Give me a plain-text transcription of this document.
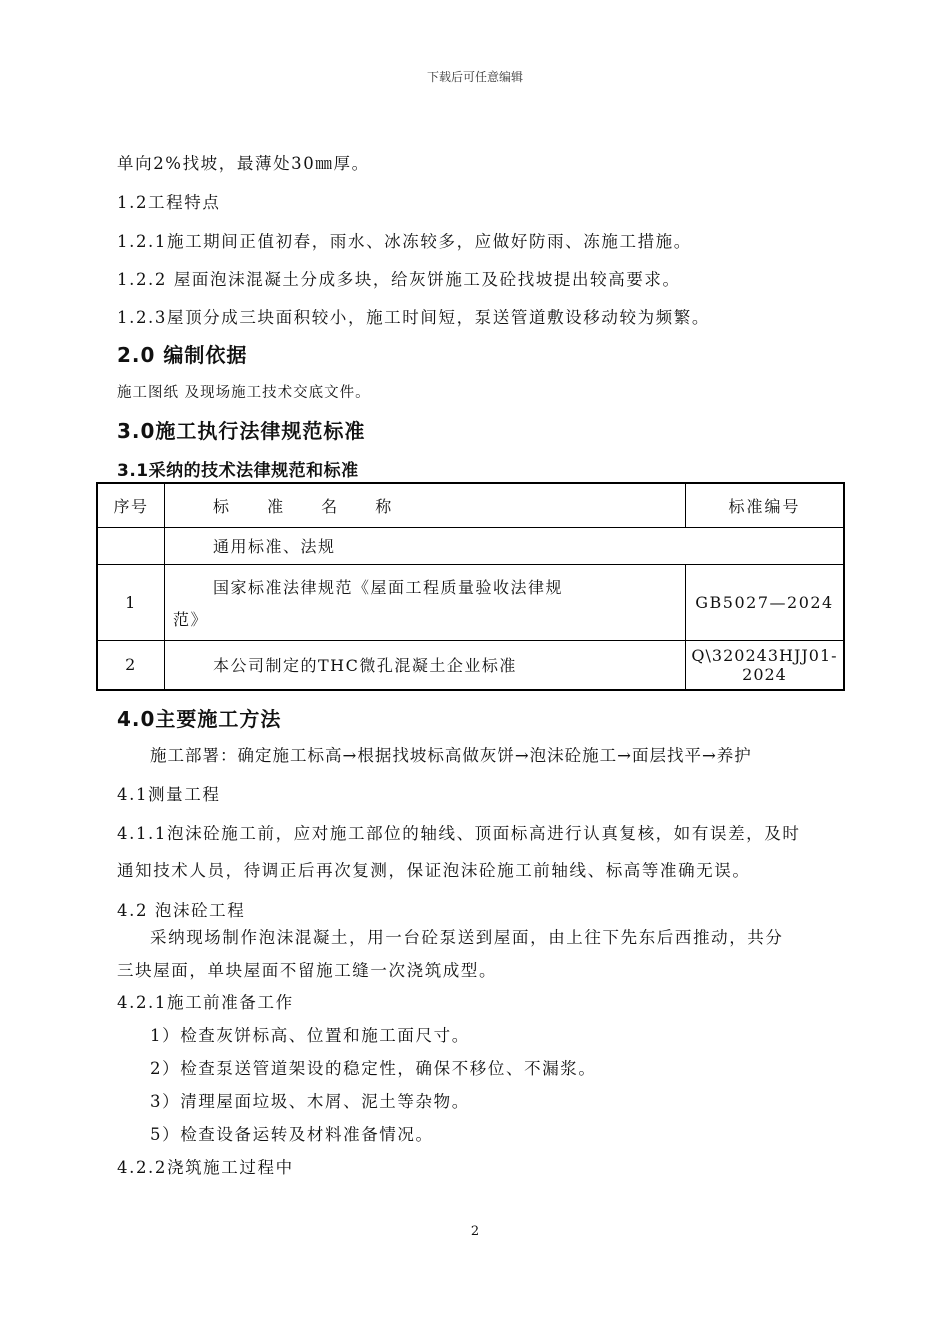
下载后可任意编辑
单向2%找坡，最薄处30㎜厚。
1.2工程特点
1.2.1施工期间正值初春，雨水、冰冻较多，应做好防雨、冻施工措施。
1.2.2 屋面泡沫混凝土分成多块，给灰饼施工及砼找坡提出较高要求。
1.2.3屋顶分成三块面积较小，施工时间短，泵送管道敷设移动较为频繁。
2.0 编制依据
施工图纸 及现场施工技术交底文件。
3.0施工执行法律规范标准
3.1采纳的技术法律规范和标准
序号	标 准 名 称	标准编号
	通用标准、法规	
1	国家标准法律规范《屋面工程质量验收法律规
范》	GB5027—2024
2	本公司制定的THC微孔混凝土企业标准	Q\320243HJJ01-2024
4.0主要施工方法
施工部署：确定施工标高→根据找坡标高做灰饼→泡沫砼施工→面层找平→养护
4.1测量工程
4.1.1泡沫砼施工前，应对施工部位的轴线、顶面标高进行认真复核，如有误差，及时
通知技术人员，待调正后再次复测，保证泡沫砼施工前轴线、标高等准确无误。
4.2 泡沫砼工程
采纳现场制作泡沫混凝土，用一台砼泵送到屋面，由上往下先东后西推动，共分
三块屋面，单块屋面不留施工缝一次浇筑成型。
4.2.1施工前准备工作
1）检查灰饼标高、位置和施工面尺寸。
2）检查泵送管道架设的稳定性，确保不移位、不漏浆。
3）清理屋面垃圾、木屑、泥土等杂物。
5）检查设备运转及材料准备情况。
4.2.2浇筑施工过程中
2
